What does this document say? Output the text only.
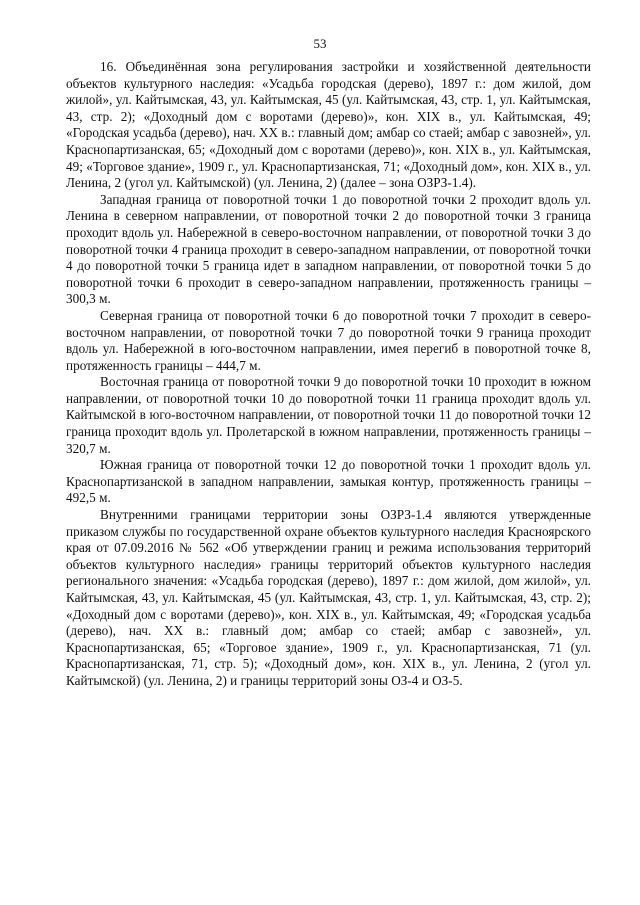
53

16. Объединённая зона регулирования застройки и хозяйственной деятельности объектов культурного наследия: «Усадьба городская (дерево), 1897 г.: дом жилой, дом жилой», ул. Кайтымская, 43, ул. Кайтымская, 45 (ул. Кайтымская, 43, стр. 1, ул. Кайтымская, 43, стр. 2); «Доходный дом с воротами (дерево)», кон. XIX в., ул. Кайтымская, 49; «Городская усадьба (дерево), нач. XX в.: главный дом; амбар со стаей; амбар с завозней», ул. Краснопартизанская, 65; «Доходный дом с воротами (дерево)», кон. XIX в., ул. Кайтымская, 49; «Торговое здание», 1909 г., ул. Краснопартизанская, 71; «Доходный дом», кон. XIX в., ул. Ленина, 2 (угол ул. Кайтымской) (ул. Ленина, 2) (далее – зона ОЗРЗ-1.4).

Западная граница от поворотной точки 1 до поворотной точки 2 проходит вдоль ул. Ленина в северном направлении, от поворотной точки 2 до поворотной точки 3 граница проходит вдоль ул. Набережной в северо-восточном направлении, от поворотной точки 3 до поворотной точки 4 граница проходит в северо-западном направлении, от поворотной точки 4 до поворотной точки 5 граница идет в западном направлении, от поворотной точки 5 до поворотной точки 6 проходит в северо-западном направлении, протяженность границы – 300,3 м.

Северная граница от поворотной точки 6 до поворотной точки 7 проходит в северо-восточном направлении, от поворотной точки 7 до поворотной точки 9 граница проходит вдоль ул. Набережной в юго-восточном направлении, имея перегиб в поворотной точке 8, протяженность границы – 444,7 м.

Восточная граница от поворотной точки 9 до поворотной точки 10 проходит в южном направлении, от поворотной точки 10 до поворотной точки 11 граница проходит вдоль ул. Кайтымской в юго-восточном направлении, от поворотной точки 11 до поворотной точки 12 граница проходит вдоль ул. Пролетарской в южном направлении, протяженность границы – 320,7 м.

Южная граница от поворотной точки 12 до поворотной точки 1 проходит вдоль ул. Краснопартизанской в западном направлении, замыкая контур, протяженность границы – 492,5 м.

Внутренними границами территории зоны ОЗРЗ-1.4 являются утвержденные приказом службы по государственной охране объектов культурного наследия Красноярского края от 07.09.2016 № 562 «Об утверждении границ и режима использования территорий объектов культурного наследия» границы территорий объектов культурного наследия регионального значения: «Усадьба городская (дерево), 1897 г.: дом жилой, дом жилой», ул. Кайтымская, 43, ул. Кайтымская, 45 (ул. Кайтымская, 43, стр. 1, ул. Кайтымская, 43, стр. 2); «Доходный дом с воротами (дерево)», кон. XIX в., ул. Кайтымская, 49; «Городская усадьба (дерево), нач. XX в.: главный дом; амбар со стаей; амбар с завозней», ул. Краснопартизанская, 65; «Торговое здание», 1909 г., ул. Краснопартизанская, 71 (ул. Краснопартизанская, 71, стр. 5); «Доходный дом», кон. XIX в., ул. Ленина, 2 (угол ул. Кайтымской) (ул. Ленина, 2) и границы территорий зоны ОЗ-4 и ОЗ-5.
